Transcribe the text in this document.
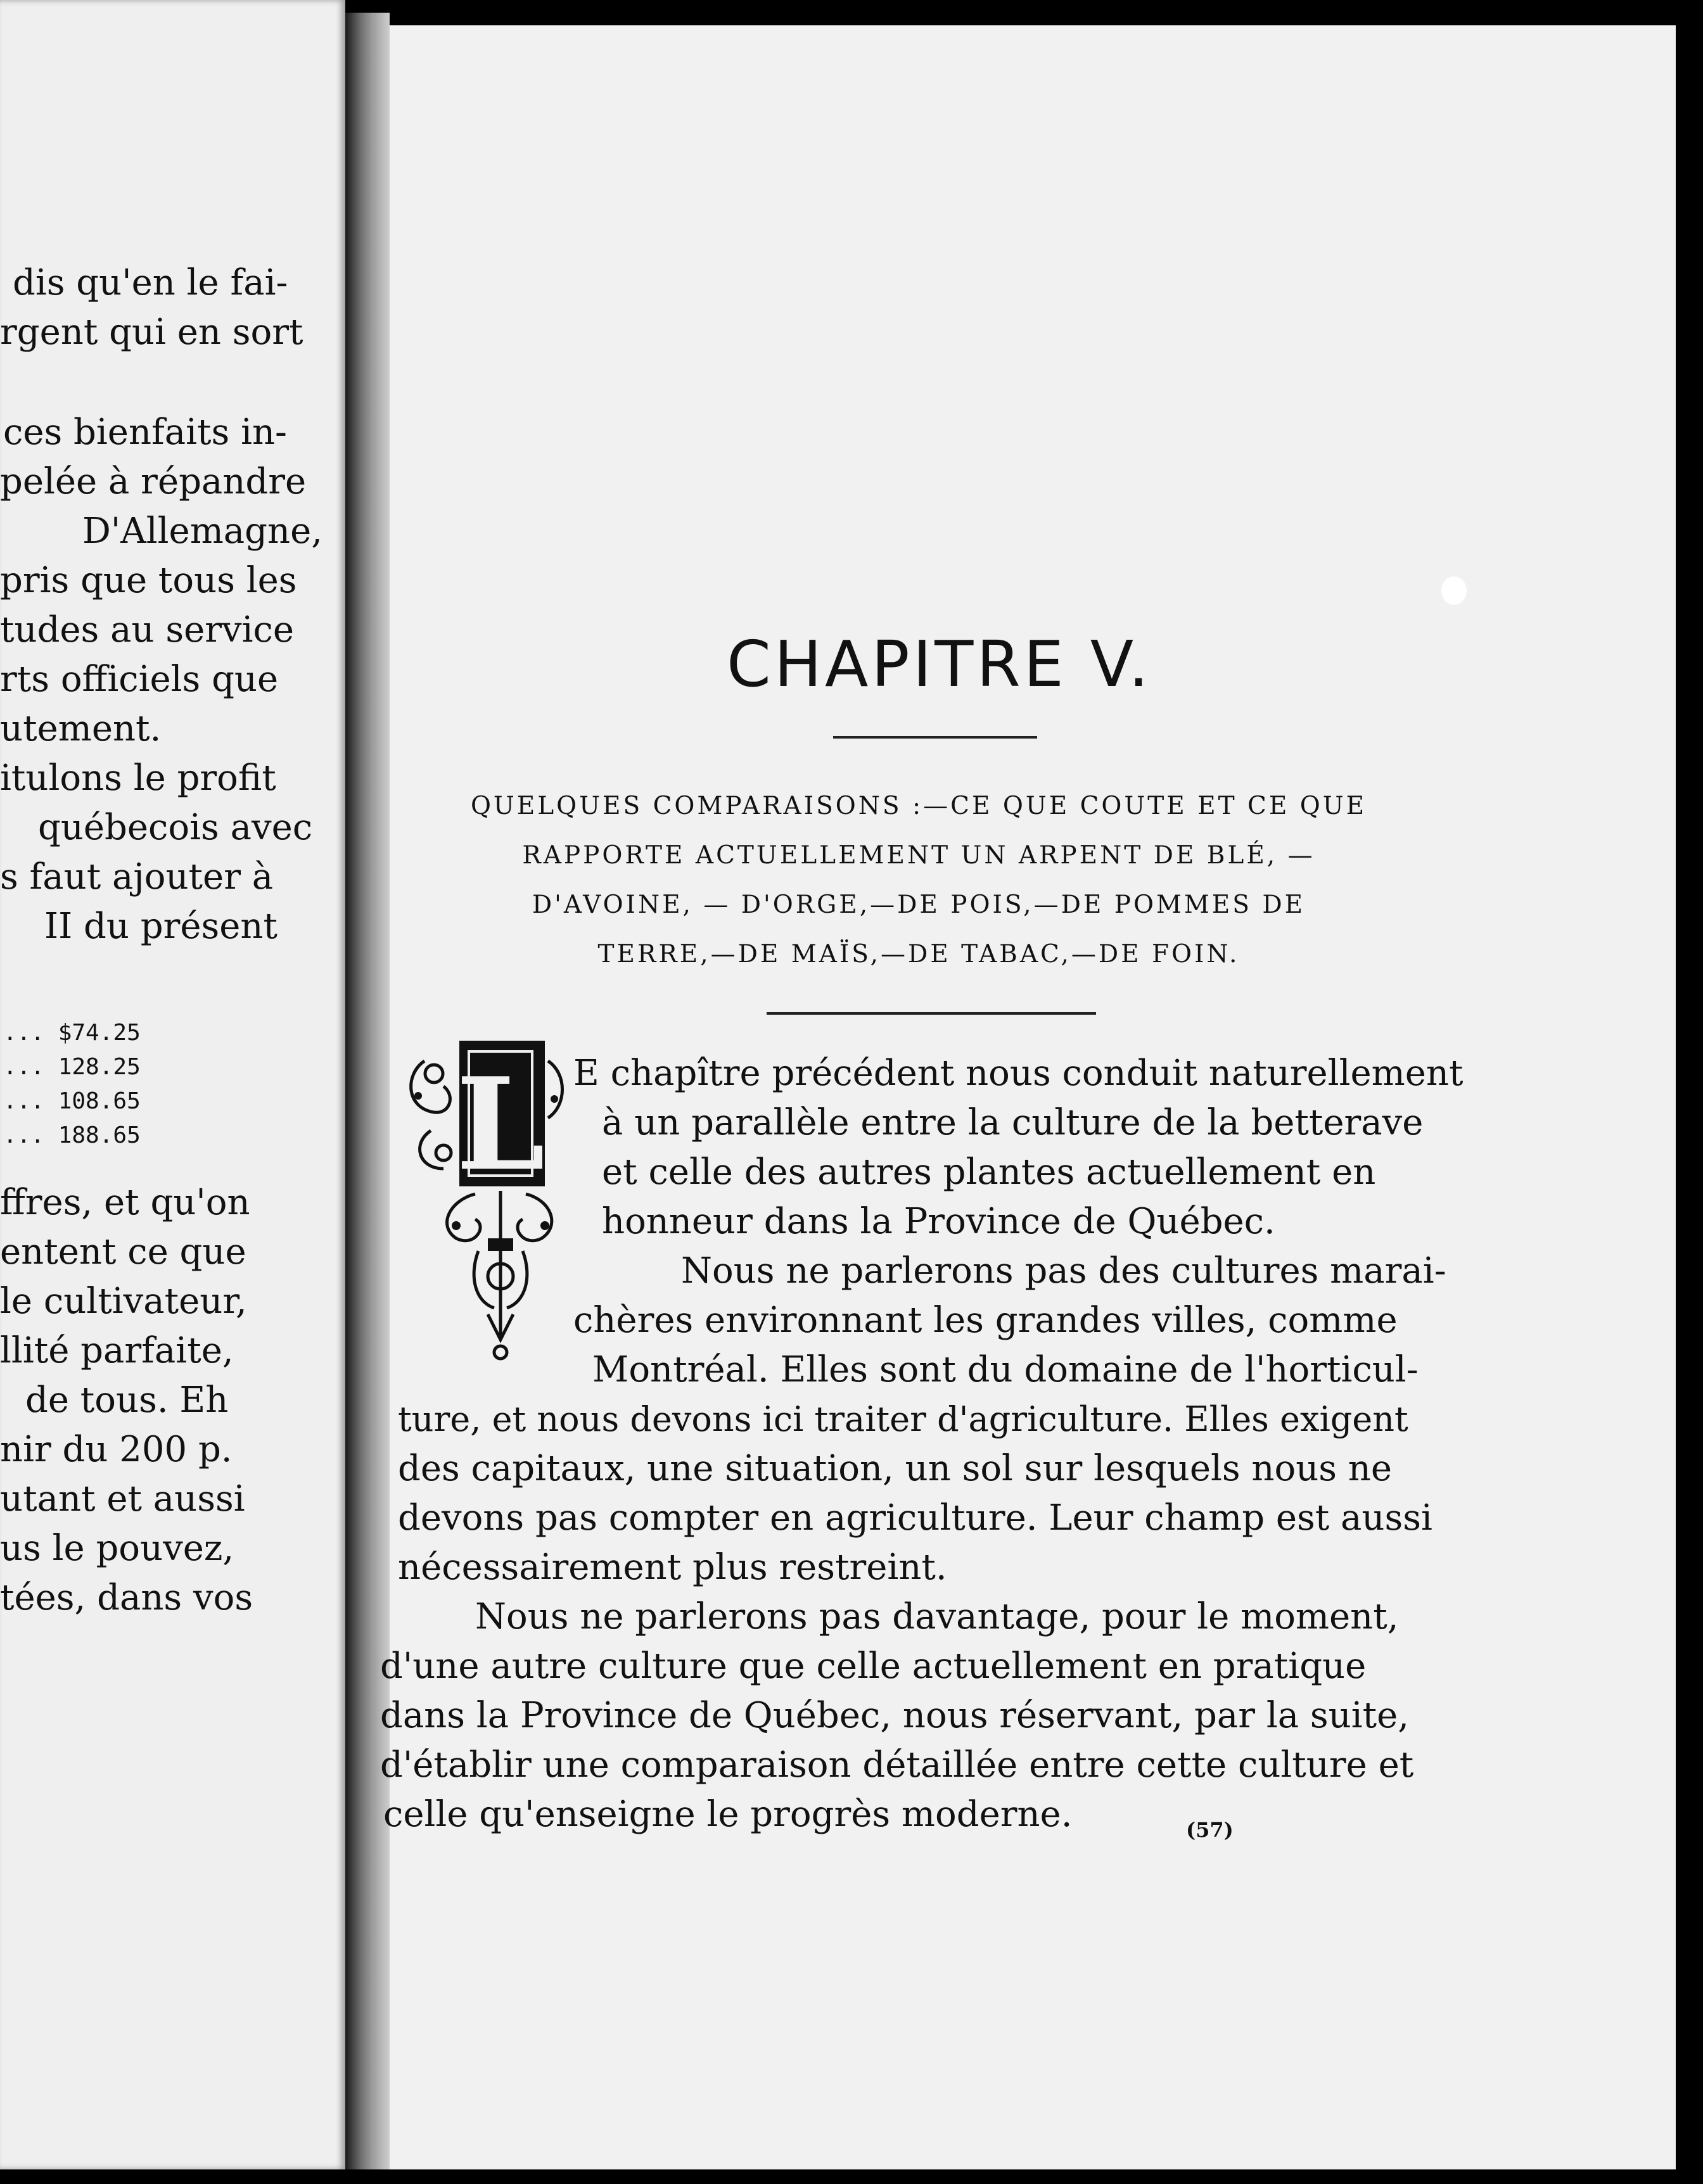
dis qu'en le fai-
rgent qui en sort
ces bienfaits in-
pelée à répandre
D'Allemagne,
pris que tous les
tudes au service
rts officiels que
utement.
itulons le profit
québecois avec
s faut ajouter à
II du présent
... $74.25
... 128.25
... 108.65
... 188.65
ffres, et qu'on
entent ce que
le cultivateur,
llité parfaite,
de tous. Eh
nir du 200 p.
utant et aussi
us le pouvez,
tées, dans vos
CHAPITRE V.
QUELQUES COMPARAISONS :—CE QUE COUTE ET CE QUE
RAPPORTE ACTUELLEMENT UN ARPENT DE BLÉ, —
D'AVOINE, — D'ORGE,—DE POIS,—DE POMMES DE
TERRE,—DE MAÏS,—DE TABAC,—DE FOIN.
L E chapître précédent nous conduit naturellement
à un parallèle entre la culture de la betterave
et celle des autres plantes actuellement en
honneur dans la Province de Québec.
Nous ne parlerons pas des cultures marai-
chères environnant les grandes villes, comme
Montréal. Elles sont du domaine de l'horticul-
ture, et nous devons ici traiter d'agriculture. Elles exigent
des capitaux, une situation, un sol sur lesquels nous ne
devons pas compter en agriculture. Leur champ est aussi
nécessairement plus restreint.
Nous ne parlerons pas davantage, pour le moment,
d'une autre culture que celle actuellement en pratique
dans la Province de Québec, nous réservant, par la suite,
d'établir une comparaison détaillée entre cette culture et
celle qu'enseigne le progrès moderne.	(57)
